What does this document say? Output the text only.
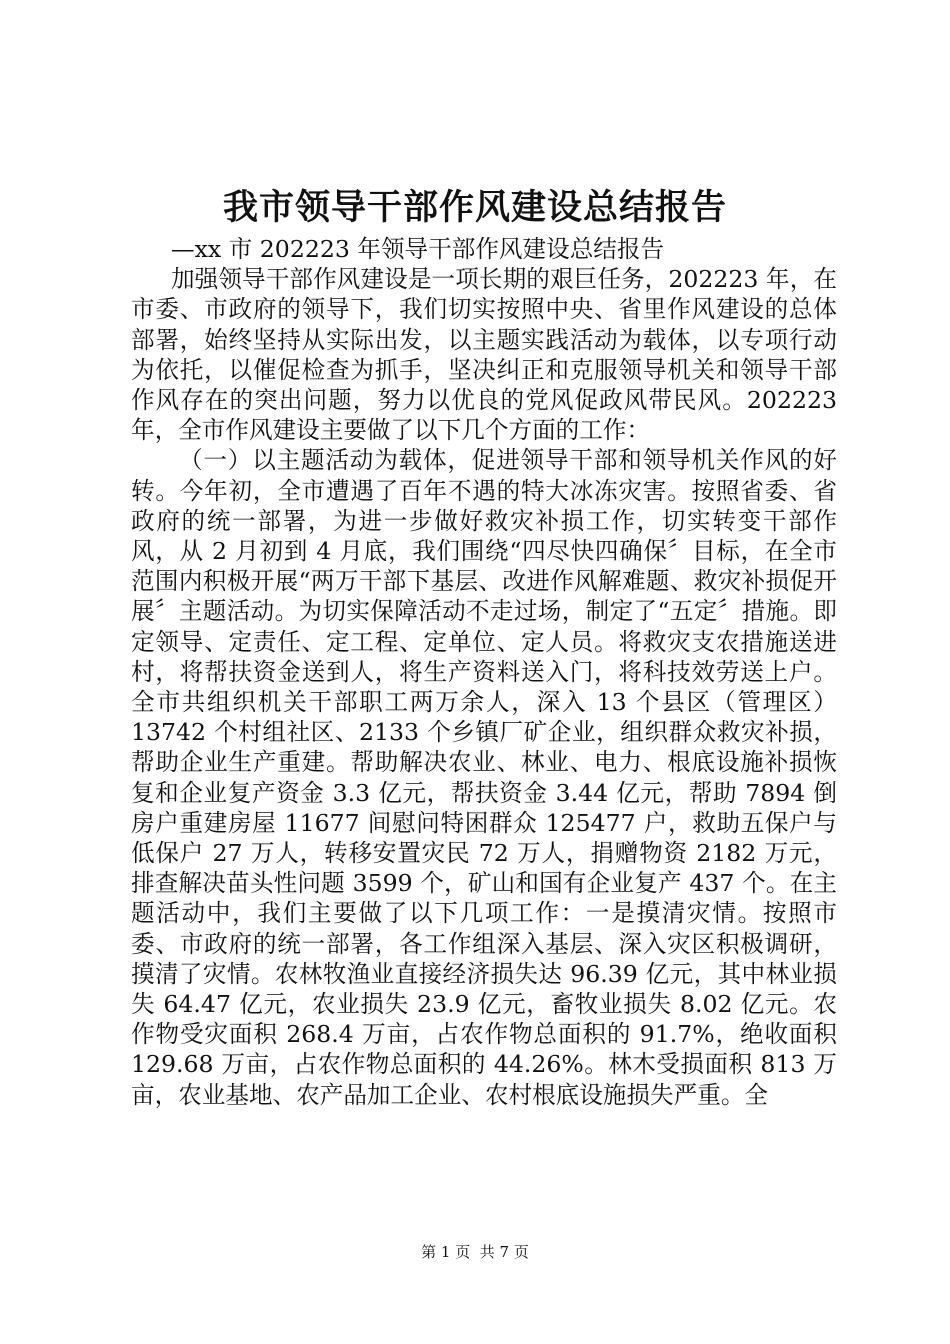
我市领导干部作风建设总结报告

—xx 市 202223 年领导干部作风建设总结报告

加强领导干部作风建设是一项长期的艰巨任务，202223 年，在市委、市政府的领导下，我们切实按照中央、省里作风建设的总体部署，始终坚持从实际出发，以主题实践活动为载体，以专项行动为依托，以催促检查为抓手，坚决纠正和克服领导机关和领导干部作风存在的突出问题，努力以优良的党风促政风带民风。202223 年，全市作风建设主要做了以下几个方面的工作：

（一）以主题活动为载体，促进领导干部和领导机关作风的好转。今年初，全市遭遇了百年不遇的特大冰冻灾害。按照省委、省政府的统一部署，为进一步做好救灾补损工作，切实转变干部作风，从 2 月初到 4 月底，我们围绕“四尽快四确保〞目标，在全市范围内积极开展“两万干部下基层、改进作风解难题、救灾补损促开展〞主题活动。为切实保障活动不走过场，制定了“五定〞措施。即定领导、定责任、定工程、定单位、定人员。将救灾支农措施送进村，将帮扶资金送到人，将生产资料送入门，将科技效劳送上户。全市共组织机关干部职工两万余人，深入 13 个县区（管理区）13742 个村组社区、2133 个乡镇厂矿企业，组织群众救灾补损，帮助企业生产重建。帮助解决农业、林业、电力、根底设施补损恢复和企业复产资金 3.3 亿元，帮扶资金 3.44 亿元，帮助 7894 倒房户重建房屋 11677 间慰问特困群众 125477 户，救助五保户与低保户 27 万人，转移安置灾民 72 万人，捐赠物资 2182 万元，排查解决苗头性问题 3599 个，矿山和国有企业复产 437 个。在主题活动中，我们主要做了以下几项工作：一是摸清灾情。按照市委、市政府的统一部署，各工作组深入基层、深入灾区积极调研，摸清了灾情。农林牧渔业直接经济损失达 96.39 亿元，其中林业损失 64.47 亿元，农业损失 23.9 亿元，畜牧业损失 8.02 亿元。农作物受灾面积 268.4 万亩，占农作物总面积的 91.7%，绝收面积 129.68 万亩，占农作物总面积的 44.26%。林木受损面积 813 万亩，农业基地、农产品加工企业、农村根底设施损失严重。全

第 1 页  共 7 页
